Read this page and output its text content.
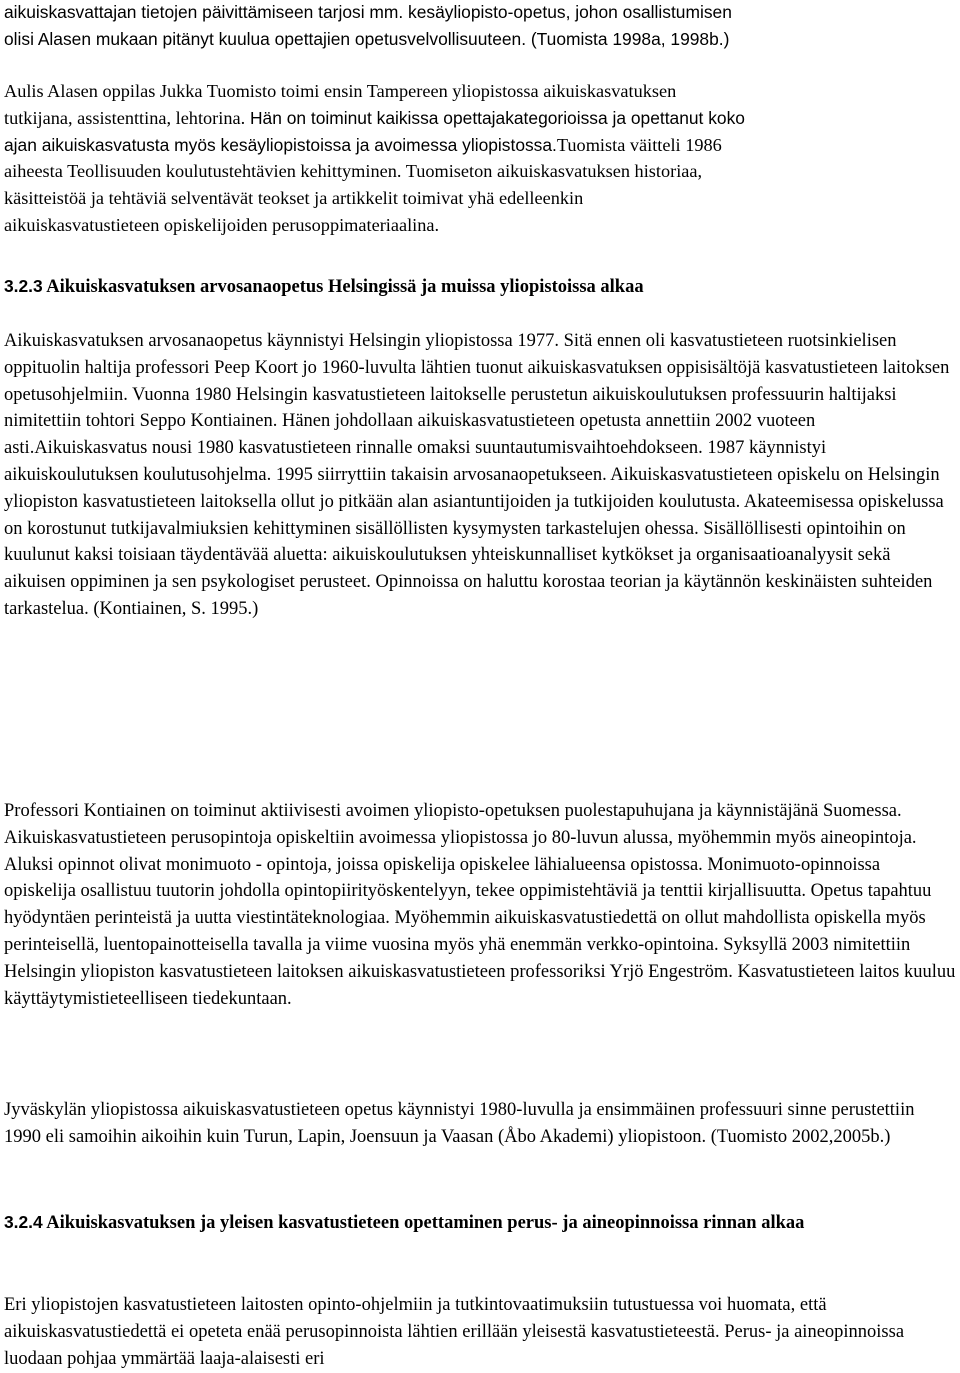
aikuiskasvattajan tietojen päivittämiseen tarjosi mm. kesäyliopisto-opetus, johon osallistumisen
olisi Alasen mukaan pitänyt kuulua opettajien opetusvelvollisuuteen. (Tuomista 1998a, 1998b.)

Aulis Alasen oppilas Jukka Tuomisto toimi ensin Tampereen yliopistossa aikuiskasvatuksen
tutkijana, assistenttina, lehtorina. Hän on toiminut kaikissa opettajakategorioissa ja opettanut koko
ajan aikuiskasvatusta myös kesäyliopistoissa ja avoimessa yliopistossa.Tuomista väitteli 1986
aiheesta Teollisuuden koulutustehtävien kehittyminen. Tuomiseton aikuiskasvatuksen historiaa,
käsitteistöä ja tehtäviä selventävät teokset ja artikkelit toimivat yhä edelleenkin
aikuiskasvatustieteen opiskelijoiden perusoppimateriaalina.

3.2.3 Aikuiskasvatuksen arvosanaopetus Helsingissä ja muissa yliopistoissa alkaa

Aikuiskasvatuksen arvosanaopetus käynnistyi Helsingin yliopistossa 1977. Sitä ennen oli kasvatustieteen ruotsinkielisen oppituolin haltija professori Peep Koort jo 1960-luvulta lähtien tuonut aikuiskasvatuksen oppisisältöjä kasvatustieteen laitoksen opetusohjelmiin. Vuonna 1980 Helsingin kasvatustieteen laitokselle perustetun aikuiskoulutuksen professuurin haltijaksi nimitettiin tohtori Seppo Kontiainen. Hänen johdollaan aikuiskasvatustieteen opetusta annettiin 2002 vuoteen asti.Aikuiskasvatus nousi 1980 kasvatustieteen rinnalle omaksi suuntautumisvaihtoehdokseen. 1987 käynnistyi aikuiskoulutuksen koulutusohjelma. 1995 siirryttiin takaisin arvosanaopetukseen. Aikuiskasvatustieteen opiskelu on Helsingin yliopiston kasvatustieteen laitoksella ollut jo pitkään alan asiantuntijoiden ja tutkijoiden koulutusta. Akateemisessa opiskelussa on korostunut tutkijavalmiuksien kehittyminen sisällöllisten kysymysten tarkastelujen ohessa. Sisällöllisesti opintoihin on kuulunut kaksi toisiaan täydentävää aluetta: aikuiskoulutuksen yhteiskunnalliset kytkökset ja organisaatioanalyysit sekä aikuisen oppiminen ja sen psykologiset perusteet. Opinnoissa on haluttu korostaa teorian ja käytännön keskinäisten suhteiden tarkastelua. (Kontiainen, S. 1995.)

Professori Kontiainen on toiminut aktiivisesti avoimen yliopisto-opetuksen puolestapuhujana ja käynnistäjänä Suomessa. Aikuiskasvatustieteen perusopintoja opiskeltiin avoimessa yliopistossa jo 80-luvun alussa, myöhemmin myös aineopintoja. Aluksi opinnot olivat monimuoto - opintoja, joissa opiskelija opiskelee lähialueensa opistossa. Monimuoto-opinnoissa opiskelija osallistuu tuutorin johdolla opintopiirityöskentelyyn, tekee oppimistehtäviä ja tenttii kirjallisuutta. Opetus tapahtuu hyödyntäen perinteistä ja uutta viestintäteknologiaa. Myöhemmin aikuiskasvatustiedettä on ollut mahdollista opiskella myös perinteisellä, luentopainotteisella tavalla ja viime vuosina myös yhä enemmän verkko-opintoina. Syksyllä 2003 nimitettiin Helsingin yliopiston kasvatustieteen laitoksen aikuiskasvatustieteen professoriksi Yrjö Engeström. Kasvatustieteen laitos kuuluu käyttäytymistieteelliseen tiedekuntaan.

Jyväskylän yliopistossa aikuiskasvatustieteen opetus käynnistyi 1980-luvulla ja ensimmäinen professuuri sinne perustettiin 1990 eli samoihin aikoihin kuin Turun, Lapin, Joensuun ja Vaasan (Åbo Akademi) yliopistoon. (Tuomisto 2002,2005b.)

3.2.4 Aikuiskasvatuksen ja yleisen kasvatustieteen opettaminen perus- ja aineopinnoissa rinnan alkaa

Eri yliopistojen kasvatustieteen laitosten opinto-ohjelmiin ja tutkintovaatimuksiin tutustuessa voi huomata, että aikuiskasvatustiedettä ei opeteta enää perusopinnoista lähtien erillään yleisestä kasvatustieteestä. Perus- ja aineopinnoissa luodaan pohjaa ymmärtää laaja-alaisesti eri
